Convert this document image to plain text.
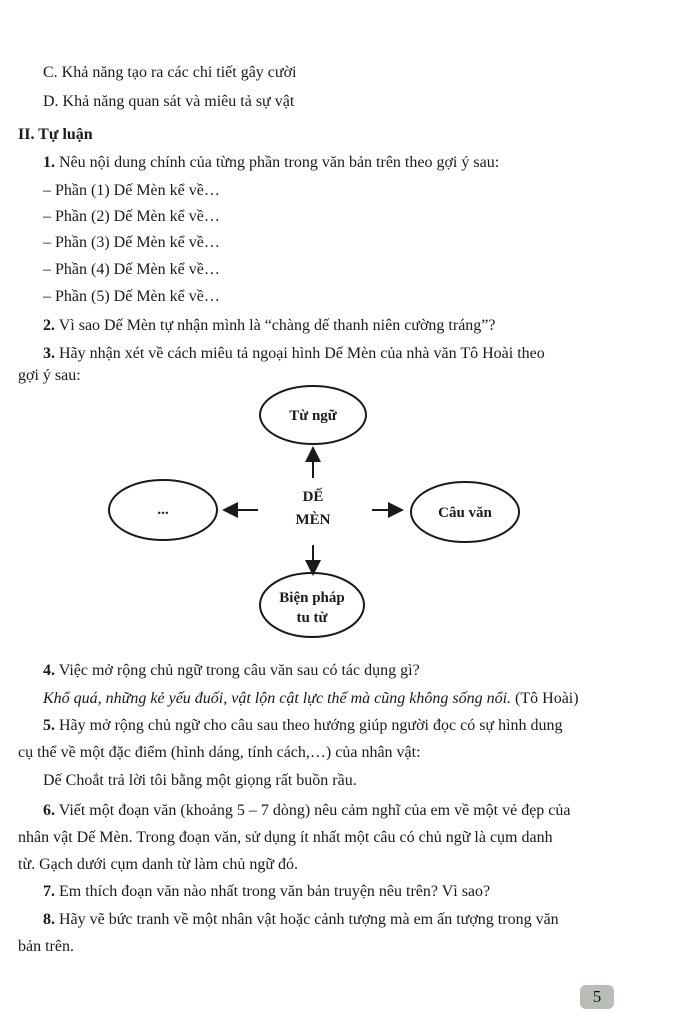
C. Khả năng tạo ra các chi tiết gây cười
D. Khả năng quan sát và miêu tả sự vật
II. Tự luận
1. Nêu nội dung chính của từng phần trong văn bản trên theo gợi ý sau:
– Phần (1) Dế Mèn kể về…
– Phần (2) Dế Mèn kể về…
– Phần (3) Dế Mèn kể về…
– Phần (4) Dế Mèn kể về…
– Phần (5) Dế Mèn kể về…
2. Vì sao Dế Mèn tự nhận mình là “chàng dế thanh niên cường tráng”?
3. Hãy nhận xét về cách miêu tả ngoại hình Dế Mèn của nhà văn Tô Hoài theo
gợi ý sau:
Từ ngữ
...	Câu văn
DẾ
MÈN
Biện pháp
tu từ
4. Việc mở rộng chủ ngữ trong câu văn sau có tác dụng gì?
Khổ quá, những kẻ yếu đuối, vật lộn cật lực thế mà cũng không sống nổi. (Tô Hoài)
5. Hãy mở rộng chủ ngữ cho câu sau theo hướng giúp người đọc có sự hình dung
cụ thể về một đặc điểm (hình dáng, tính cách,…) của nhân vật:
Dế Choắt trả lời tôi bằng một giọng rất buồn rầu.
6. Viết một đoạn văn (khoảng 5 – 7 dòng) nêu cảm nghĩ của em về một vẻ đẹp của
nhân vật Dế Mèn. Trong đoạn văn, sử dụng ít nhất một câu có chủ ngữ là cụm danh
từ. Gạch dưới cụm danh từ làm chủ ngữ đó.
7. Em thích đoạn văn nào nhất trong văn bản truyện nêu trên? Vì sao?
8. Hãy vẽ bức tranh về một nhân vật hoặc cảnh tượng mà em ấn tượng trong văn
bản trên.
5
